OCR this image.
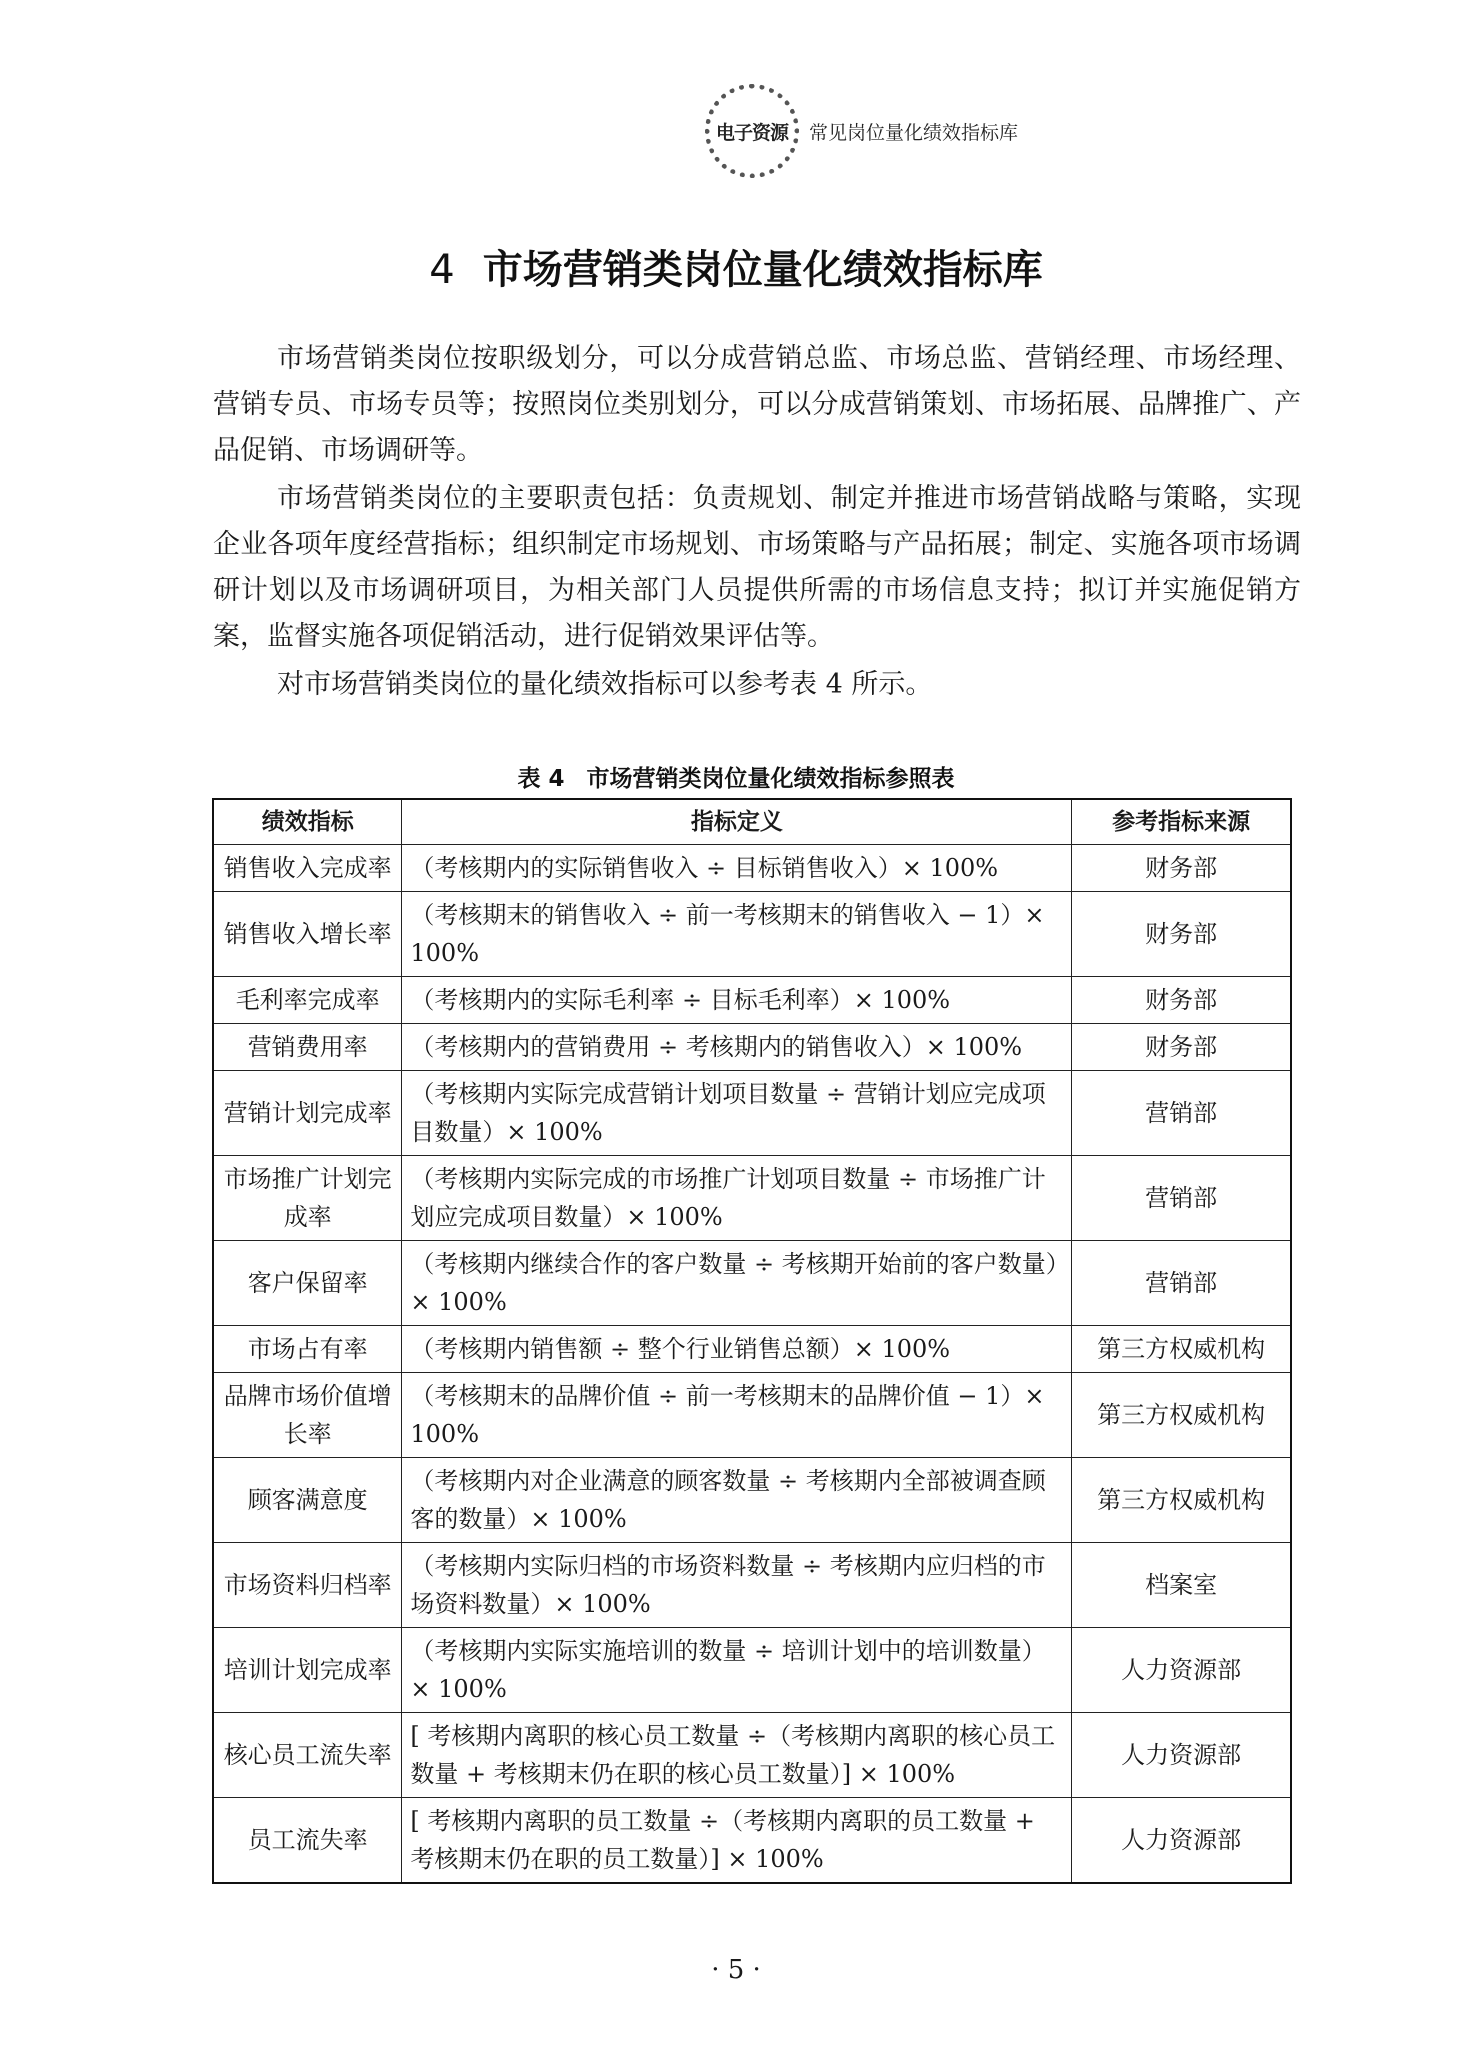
电子资源 常见岗位量化绩效指标库
4 市场营销类岗位量化绩效指标库

市场营销类岗位按职级划分，可以分成营销总监、市场总监、营销经理、市场经理、营销专员、市场专员等；按照岗位类别划分，可以分成营销策划、市场拓展、品牌推广、产品促销、市场调研等。

市场营销类岗位的主要职责包括：负责规划、制定并推进市场营销战略与策略，实现企业各项年度经营指标；组织制定市场规划、市场策略与产品拓展；制定、实施各项市场调研计划以及市场调研项目，为相关部门人员提供所需的市场信息支持；拟订并实施促销方案，监督实施各项促销活动，进行促销效果评估等。

对市场营销类岗位的量化绩效指标可以参考表 4 所示。

表 4 市场营销类岗位量化绩效指标参照表
绩效指标	指标定义	参考指标来源
销售收入完成率	（考核期内的实际销售收入 ÷ 目标销售收入）× 100%	财务部
销售收入增长率	（考核期末的销售收入 ÷ 前一考核期末的销售收入 − 1）× 100%	财务部
毛利率完成率	（考核期内的实际毛利率 ÷ 目标毛利率）× 100%	财务部
营销费用率	（考核期内的营销费用 ÷ 考核期内的销售收入）× 100%	财务部
营销计划完成率	（考核期内实际完成营销计划项目数量 ÷ 营销计划应完成项目数量）× 100%	营销部
市场推广计划完成率	（考核期内实际完成的市场推广计划项目数量 ÷ 市场推广计划应完成项目数量）× 100%	营销部
客户保留率	（考核期内继续合作的客户数量 ÷ 考核期开始前的客户数量）× 100%	营销部
市场占有率	（考核期内销售额 ÷ 整个行业销售总额）× 100%	第三方权威机构
品牌市场价值增长率	（考核期末的品牌价值 ÷ 前一考核期末的品牌价值 − 1）× 100%	第三方权威机构
顾客满意度	（考核期内对企业满意的顾客数量 ÷ 考核期内全部被调查顾客的数量）× 100%	第三方权威机构
市场资料归档率	（考核期内实际归档的市场资料数量 ÷ 考核期内应归档的市场资料数量）× 100%	档案室
培训计划完成率	（考核期内实际实施培训的数量 ÷ 培训计划中的培训数量）× 100%	人力资源部
核心员工流失率	[ 考核期内离职的核心员工数量 ÷（考核期内离职的核心员工数量 + 考核期末仍在职的核心员工数量）] × 100%	人力资源部
员工流失率	[ 考核期内离职的员工数量 ÷（考核期内离职的员工数量 + 考核期末仍在职的员工数量）] × 100%	人力资源部
· 5 ·
